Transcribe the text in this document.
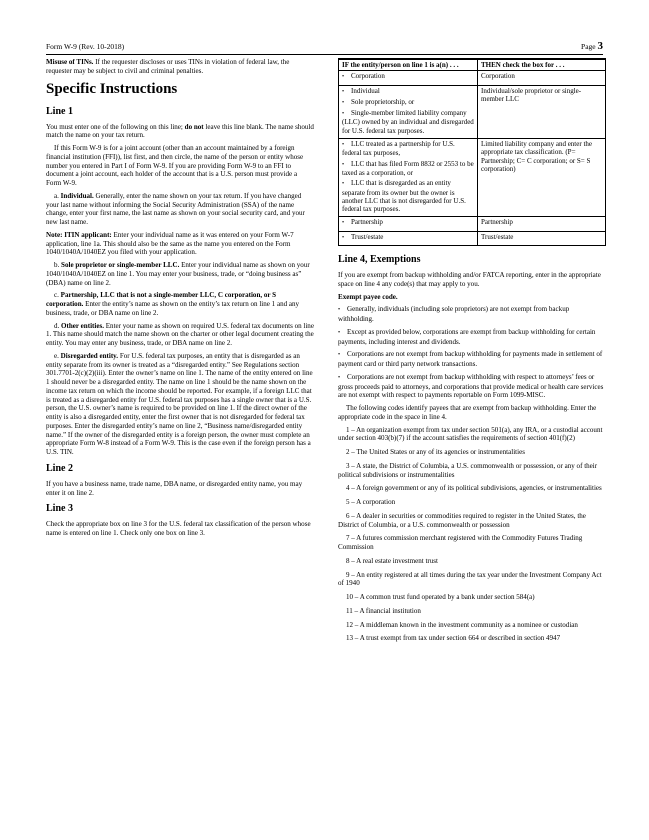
Form W-9 (Rev. 10-2018)	Page 3

Misuse of TINs. If the requester discloses or uses TINs in violation of federal law, the requester may be subject to civil and criminal penalties.

Specific Instructions
Line 1

You must enter one of the following on this line; do not leave this line blank. The name should match the name on your tax return.

If this Form W-9 is for a joint account (other than an account maintained by a foreign financial institution (FFI)), list first, and then circle, the name of the person or entity whose number you entered in Part I of Form W-9. If you are providing Form W-9 to an FFI to document a joint account, each holder of the account that is a U.S. person must provide a Form W-9.

a. Individual. Generally, enter the name shown on your tax return. If you have changed your last name without informing the Social Security Administration (SSA) of the name change, enter your first name, the last name as shown on your social security card, and your new last name.

Note: ITIN applicant: Enter your individual name as it was entered on your Form W-7 application, line 1a. This should also be the same as the name you entered on the Form 1040/1040A/1040EZ you filed with your application.

b. Sole proprietor or single-member LLC. Enter your individual name as shown on your 1040/1040A/1040EZ on line 1. You may enter your business, trade, or “doing business as” (DBA) name on line 2.

c. Partnership, LLC that is not a single-member LLC, C corporation, or S corporation. Enter the entity’s name as shown on the entity’s tax return on line 1 and any business, trade, or DBA name on line 2.

d. Other entities. Enter your name as shown on required U.S. federal tax documents on line 1. This name should match the name shown on the charter or other legal document creating the entity. You may enter any business, trade, or DBA name on line 2.

e. Disregarded entity. For U.S. federal tax purposes, an entity that is disregarded as an entity separate from its owner is treated as a “disregarded entity.” See Regulations section 301.7701-2(c)(2)(iii). Enter the owner’s name on line 1. The name of the entity entered on line 1 should never be a disregarded entity. The name on line 1 should be the name shown on the income tax return on which the income should be reported. For example, if a foreign LLC that is treated as a disregarded entity for U.S. federal tax purposes has a single owner that is a U.S. person, the U.S. owner’s name is required to be provided on line 1. If the direct owner of the entity is also a disregarded entity, enter the first owner that is not disregarded for federal tax purposes. Enter the disregarded entity’s name on line 2, “Business name/disregarded entity name.” If the owner of the disregarded entity is a foreign person, the owner must complete an appropriate Form W-8 instead of a Form W-9. This is the case even if the foreign person has a U.S. TIN.

Line 2

If you have a business name, trade name, DBA name, or disregarded entity name, you may enter it on line 2.

Line 3

Check the appropriate box on line 3 for the U.S. federal tax classification of the person whose name is entered on line 1. Check only one box on line 3.

IF the entity/person on line 1 is a(n) . . .	THEN check the box for . . .

• Corporation	Corporation

• Individual
• Sole proprietorship, or
• Single-member limited liability company (LLC) owned by an individual and disregarded for U.S. federal tax purposes.	Individual/sole proprietor or single-member LLC

• LLC treated as a partnership for U.S. federal tax purposes,
• LLC that has filed Form 8832 or 2553 to be taxed as a corporation, or
• LLC that is disregarded as an entity separate from its owner but the owner is another LLC that is not disregarded for U.S. federal tax purposes.	Limited liability company and enter the appropriate tax classification. (P= Partnership; C= C corporation; or S= S corporation)

• Partnership	Partnership

• Trust/estate	Trust/estate
Line 4, Exemptions

If you are exempt from backup withholding and/or FATCA reporting, enter in the appropriate space on line 4 any code(s) that may apply to you.

Exempt payee code.

• Generally, individuals (including sole proprietors) are not exempt from backup withholding.

• Except as provided below, corporations are exempt from backup withholding for certain payments, including interest and dividends.

• Corporations are not exempt from backup withholding for payments made in settlement of payment card or third party network transactions.

• Corporations are not exempt from backup withholding with respect to attorneys’ fees or gross proceeds paid to attorneys, and corporations that provide medical or health care services are not exempt with respect to payments reportable on Form 1099-MISC.

The following codes identify payees that are exempt from backup withholding. Enter the appropriate code in the space in line 4.

1 – An organization exempt from tax under section 501(a), any IRA, or a custodial account under section 403(b)(7) if the account satisfies the requirements of section 401(f)(2)

2 – The United States or any of its agencies or instrumentalities

3 – A state, the District of Columbia, a U.S. commonwealth or possession, or any of their political subdivisions or instrumentalities

4 – A foreign government or any of its political subdivisions, agencies, or instrumentalities

5 – A corporation

6 – A dealer in securities or commodities required to register in the United States, the District of Columbia, or a U.S. commonwealth or possession

7 – A futures commission merchant registered with the Commodity Futures Trading Commission

8 – A real estate investment trust

9 – An entity registered at all times during the tax year under the Investment Company Act of 1940

10 – A common trust fund operated by a bank under section 584(a)

11 – A financial institution

12 – A middleman known in the investment community as a nominee or custodian

13 – A trust exempt from tax under section 664 or described in section 4947
